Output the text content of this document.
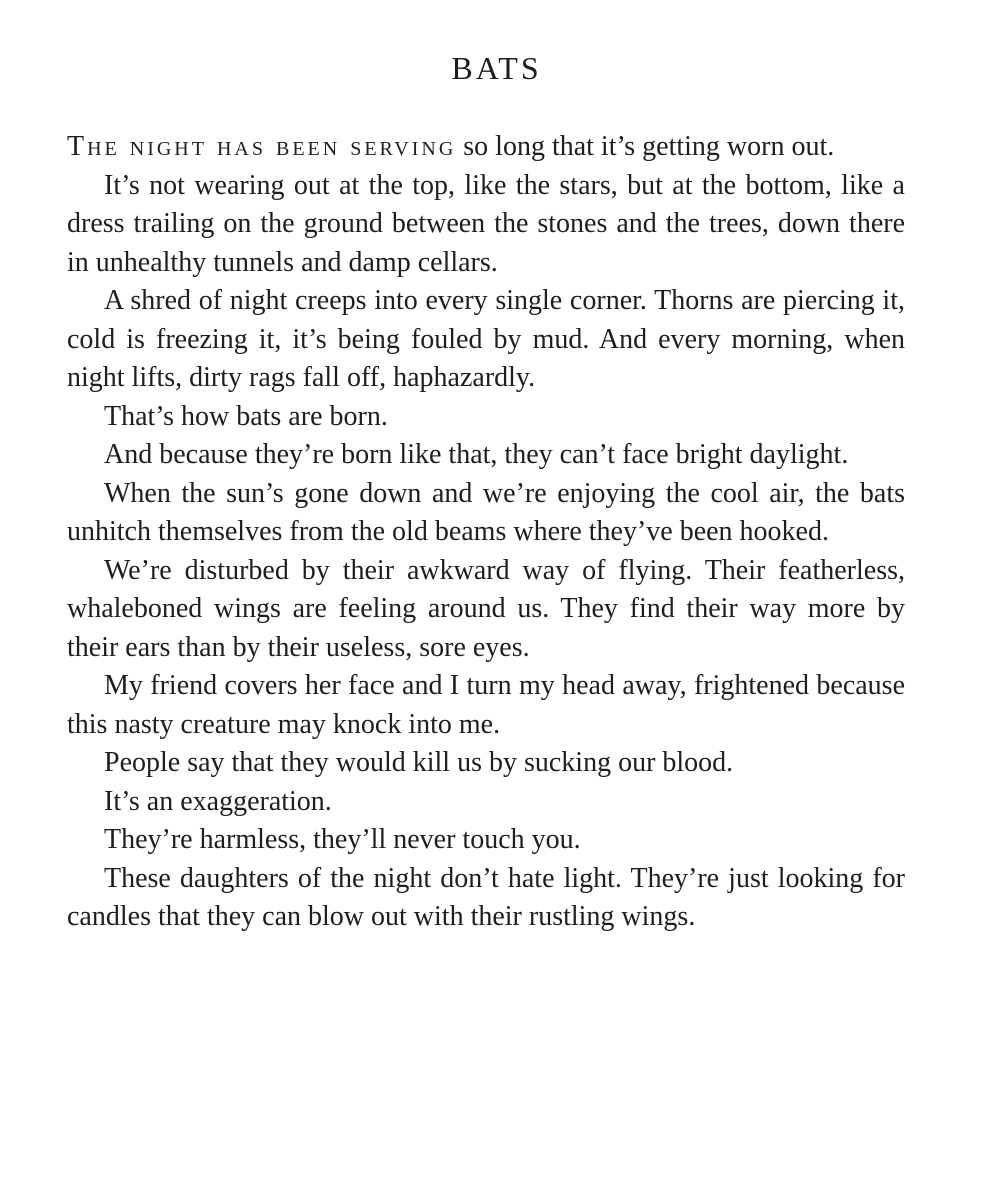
BATS

The night has been serving so long that it’s getting worn out.

It’s not wearing out at the top, like the stars, but at the bottom, like a dress trailing on the ground between the stones and the trees, down there in unhealthy tunnels and damp cellars.

A shred of night creeps into every single corner. Thorns are piercing it, cold is freezing it, it’s being fouled by mud. And every morning, when night lifts, dirty rags fall off, haphazardly.

That’s how bats are born.

And because they’re born like that, they can’t face bright daylight.

When the sun’s gone down and we’re enjoying the cool air, the bats unhitch themselves from the old beams where they’ve been hooked.

We’re disturbed by their awkward way of flying. Their featherless, whaleboned wings are feeling around us. They find their way more by their ears than by their useless, sore eyes.

My friend covers her face and I turn my head away, frightened because this nasty creature may knock into me.

People say that they would kill us by sucking our blood.

It’s an exaggeration.

They’re harmless, they’ll never touch you.

These daughters of the night don’t hate light. They’re just looking for candles that they can blow out with their rustling wings.
